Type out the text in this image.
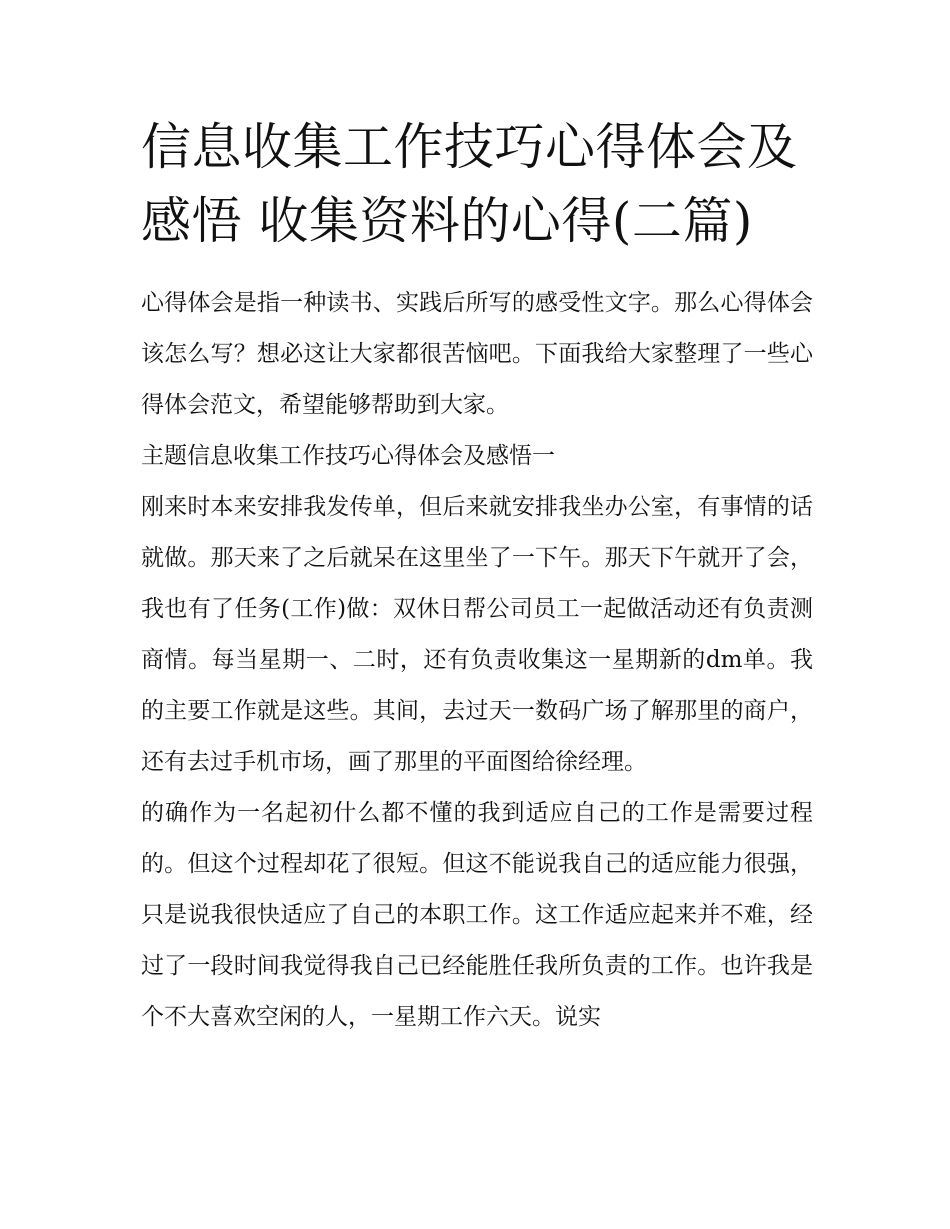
信息收集工作技巧心得体会及感悟 收集资料的心得(二篇)

心得体会是指一种读书、实践后所写的感受性文字。那么心得体会该怎么写？想必这让大家都很苦恼吧。下面我给大家整理了一些心得体会范文，希望能够帮助到大家。

主题信息收集工作技巧心得体会及感悟一

刚来时本来安排我发传单，但后来就安排我坐办公室，有事情的话就做。那天来了之后就呆在这里坐了一下午。那天下午就开了会，我也有了任务(工作)做：双休日帮公司员工一起做活动还有负责测商情。每当星期一、二时，还有负责收集这一星期新的dm单。我的主要工作就是这些。其间，去过天一数码广场了解那里的商户，还有去过手机市场，画了那里的平面图给徐经理。

的确作为一名起初什么都不懂的我到适应自己的工作是需要过程的。但这个过程却花了很短。但这不能说我自己的适应能力很强，只是说我很快适应了自己的本职工作。这工作适应起来并不难，经过了一段时间我觉得我自己已经能胜任我所负责的工作。也许我是个不大喜欢空闲的人，一星期工作六天。说实
